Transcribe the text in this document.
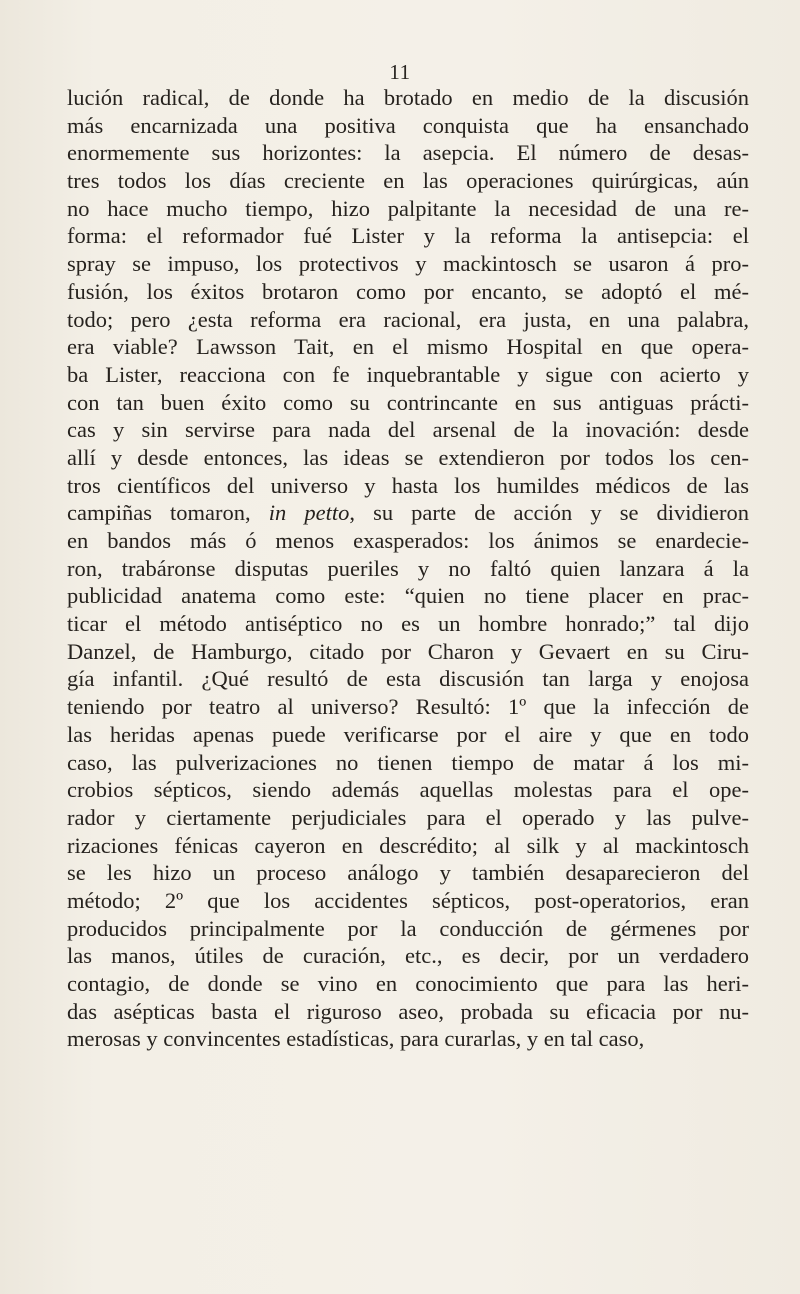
11
lución radical, de donde ha brotado en medio de la discusión
más encarnizada una positiva conquista que ha ensanchado
enormemente sus horizontes: la asepcia. El número de desas-
tres todos los días creciente en las operaciones quirúrgicas, aún
no hace mucho tiempo, hizo palpitante la necesidad de una re-
forma: el reformador fué Lister y la reforma la antisepcia: el
spray se impuso, los protectivos y mackintosch se usaron á pro-
fusión, los éxitos brotaron como por encanto, se adoptó el mé-
todo; pero ¿esta reforma era racional, era justa, en una palabra,
era viable? Lawsson Tait, en el mismo Hospital en que opera-
ba Lister, reacciona con fe inquebrantable y sigue con acierto y
con tan buen éxito como su contrincante en sus antiguas prácti-
cas y sin servirse para nada del arsenal de la inovación: desde
allí y desde entonces, las ideas se extendieron por todos los cen-
tros científicos del universo y hasta los humildes médicos de las
campiñas tomaron, in petto, su parte de acción y se dividieron
en bandos más ó menos exasperados: los ánimos se enardecie-
ron, trabáronse disputas pueriles y no faltó quien lanzara á la
publicidad anatema como este: “quien no tiene placer en prac-
ticar el método antiséptico no es un hombre honrado;” tal dijo
Danzel, de Hamburgo, citado por Charon y Gevaert en su Ciru-
gía infantil. ¿Qué resultó de esta discusión tan larga y enojosa
teniendo por teatro al universo? Resultó: 1º que la infección de
las heridas apenas puede verificarse por el aire y que en todo
caso, las pulverizaciones no tienen tiempo de matar á los mi-
crobios sépticos, siendo además aquellas molestas para el ope-
rador y ciertamente perjudiciales para el operado y las pulve-
rizaciones fénicas cayeron en descrédito; al silk y al mackintosch
se les hizo un proceso análogo y también desaparecieron del
método; 2º que los accidentes sépticos, post-operatorios, eran
producidos principalmente por la conducción de gérmenes por
las manos, útiles de curación, etc., es decir, por un verdadero
contagio, de donde se vino en conocimiento que para las heri-
das asépticas basta el riguroso aseo, probada su eficacia por nu-
merosas y convincentes estadísticas, para curarlas, y en tal caso,
